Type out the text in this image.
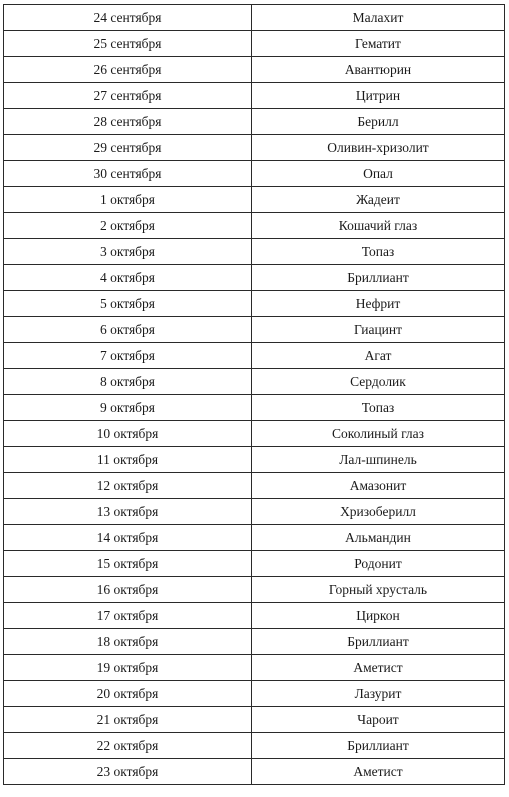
24 сентября	Малахит
25 сентября	Гематит
26 сентября	Авантюрин
27 сентября	Цитрин
28 сентября	Берилл
29 сентября	Оливин-хризолит
30 сентября	Опал
1 октября	Жадеит
2 октября	Кошачий глаз
3 октября	Топаз
4 октября	Бриллиант
5 октября	Нефрит
6 октября	Гиацинт
7 октября	Агат
8 октября	Сердолик
9 октября	Топаз
10 октября	Соколиный глаз
11 октября	Лал-шпинель
12 октября	Амазонит
13 октября	Хризоберилл
14 октября	Альмандин
15 октября	Родонит
16 октября	Горный хрусталь
17 октября	Циркон
18 октября	Бриллиант
19 октября	Аметист
20 октября	Лазурит
21 октября	Чароит
22 октября	Бриллиант
23 октября	Аметист
